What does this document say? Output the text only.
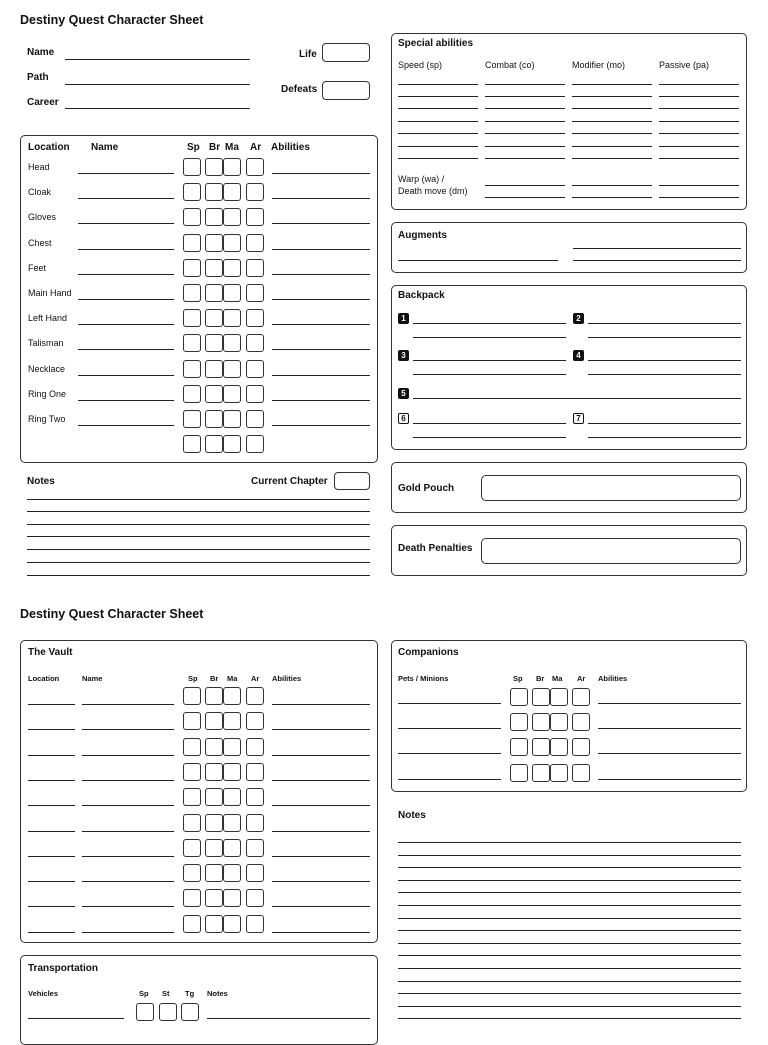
Destiny Quest Character Sheet
Name
Path
Career
Life
Defeats
Location Name	Sp Br Ma Ar Abilities
Head
Cloak
Gloves
Chest
Feet
Main Hand
Left Hand
Talisman
Necklace
Ring One
Ring Two
Notes	Current Chapter
Special abilities
Speed (sp)	Combat (co)	Modifier (mo)	Passive (pa)
Warp (wa) /
Death move (dm)
Augments
Backpack
1	2
3	4
5
6	7
Gold Pouch
Death Penalties
Destiny Quest Character Sheet
The Vault
Location	Name	Sp Br Ma Ar Abilities
Companions
Pets / Minions	Sp Br Ma Ar Abilities
Notes
Transportation
Vehicles	Sp St Tg Notes
